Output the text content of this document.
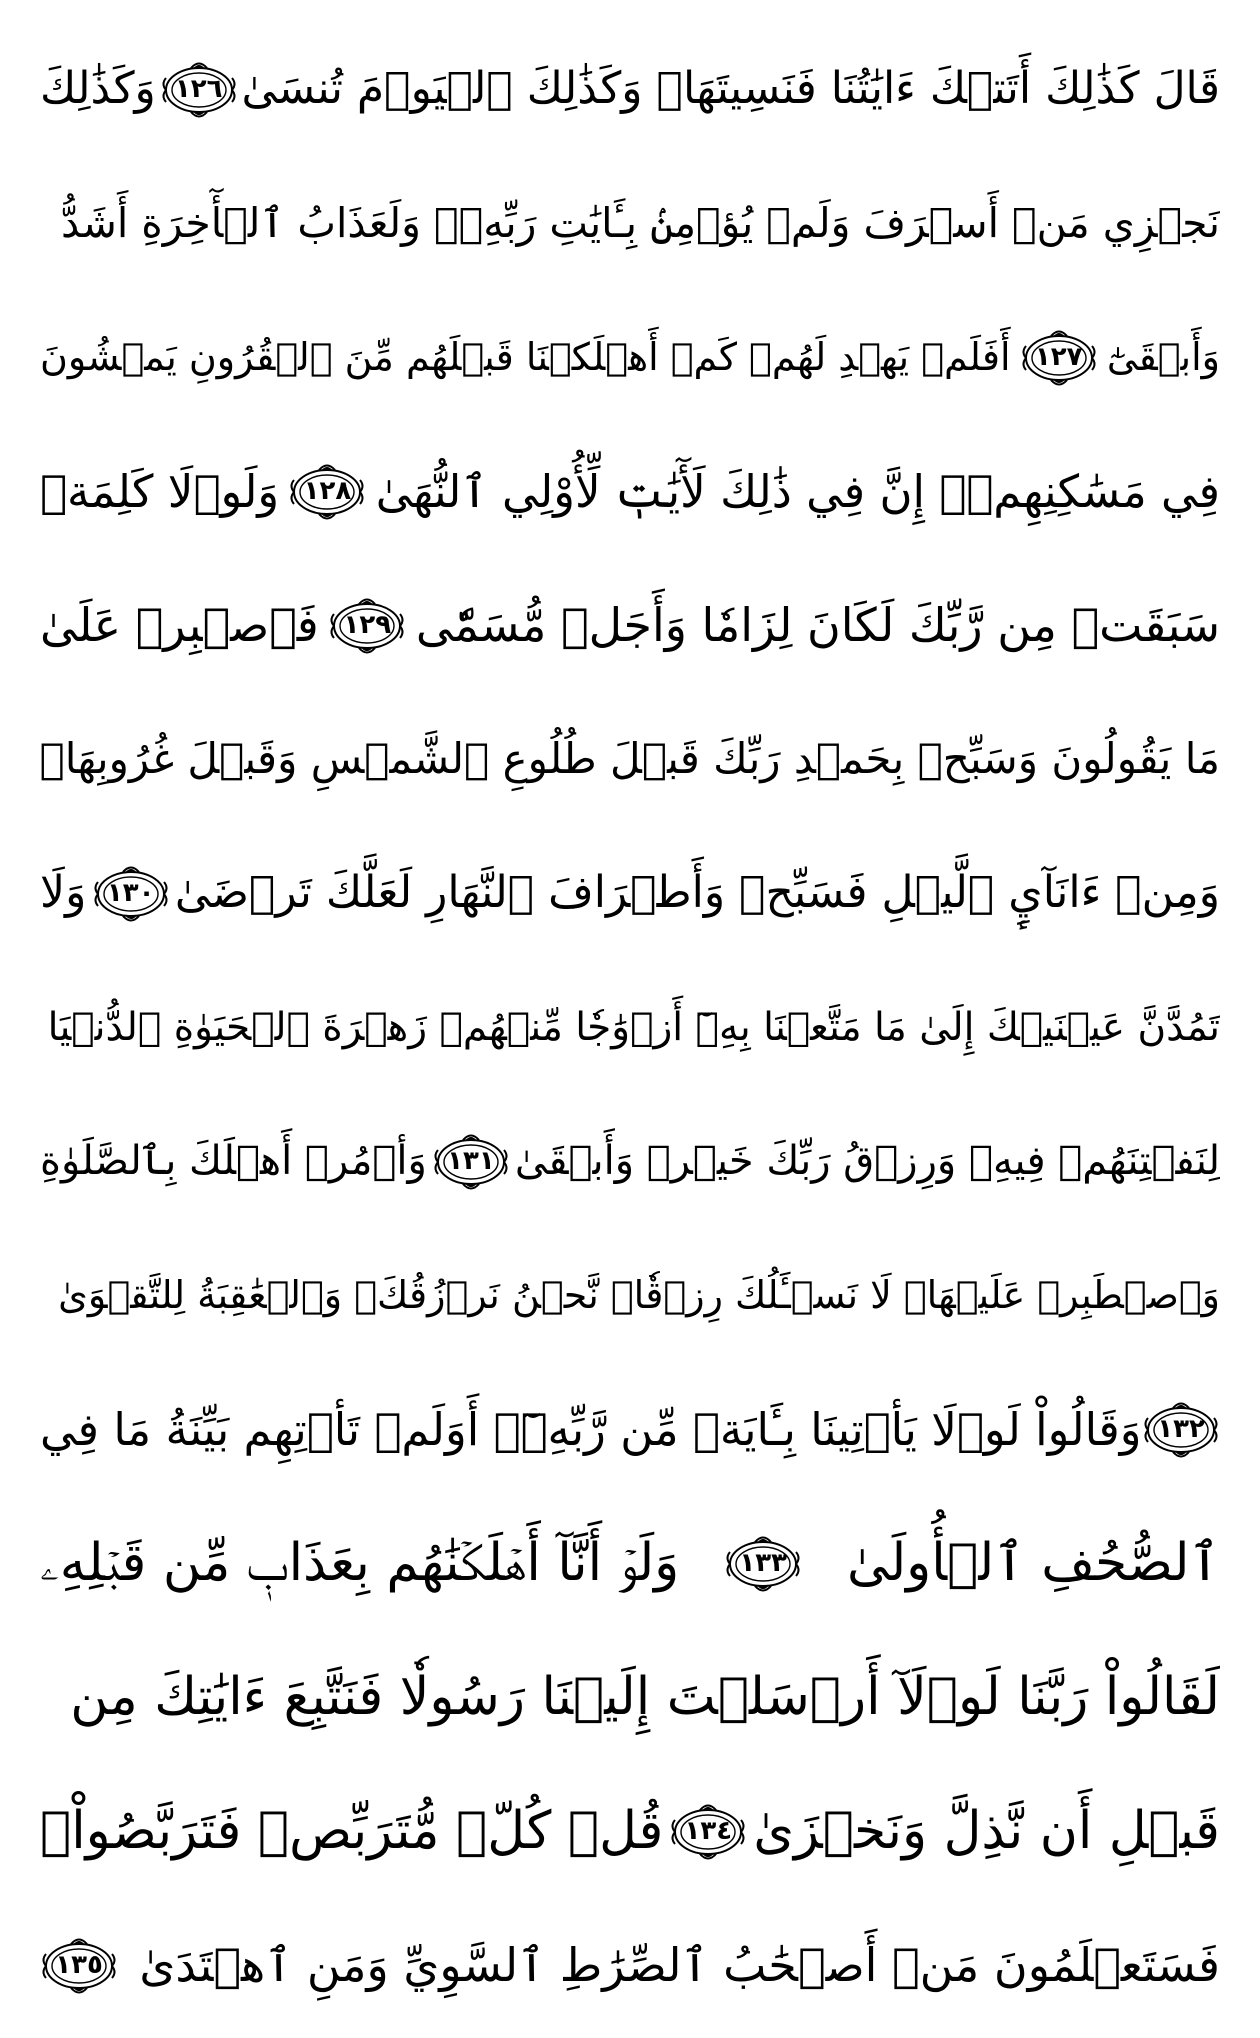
قَالَ كَذَٰلِكَ أَتَتۡكَ ءَايَٰتُنَا فَنَسِيتَهَاۖ وَكَذَٰلِكَ ٱلۡيَوۡمَ تُنسَىٰ
١٢٦
وَكَذَٰلِكَ
نَجۡزِي مَنۡ أَسۡرَفَ وَلَمۡ يُؤۡمِنۢ بِـَٔايَٰتِ رَبِّهِۦۚ وَلَعَذَابُ ٱلۡأٓخِرَةِ أَشَدُّ
وَأَبۡقَىٰٓ
١٢٧
أَفَلَمۡ يَهۡدِ لَهُمۡ كَمۡ أَهۡلَكۡنَا قَبۡلَهُم مِّنَ ٱلۡقُرُونِ يَمۡشُونَ
فِي مَسَٰكِنِهِمۡۚ إِنَّ فِي ذَٰلِكَ لَأٓيَٰتٖ لِّأُوْلِي ٱلنُّهَىٰ
١٢٨
وَلَوۡلَا كَلِمَةٞ
سَبَقَتۡ مِن رَّبِّكَ لَكَانَ لِزَامٗا وَأَجَلٞ مُّسَمّٗى
١٢٩
فَٱصۡبِرۡ عَلَىٰ
مَا يَقُولُونَ وَسَبِّحۡ بِحَمۡدِ رَبِّكَ قَبۡلَ طُلُوعِ ٱلشَّمۡسِ وَقَبۡلَ غُرُوبِهَاۖ
وَمِنۡ ءَانَآيِٕ ٱلَّيۡلِ فَسَبِّحۡ وَأَطۡرَافَ ٱلنَّهَارِ لَعَلَّكَ تَرۡضَىٰ
١٣٠
وَلَا
تَمُدَّنَّ عَيۡنَيۡكَ إِلَىٰ مَا مَتَّعۡنَا بِهِۦٓ أَزۡوَٰجٗا مِّنۡهُمۡ زَهۡرَةَ ٱلۡحَيَوٰةِ ٱلدُّنۡيَا
لِنَفۡتِنَهُمۡ فِيهِۚ وَرِزۡقُ رَبِّكَ خَيۡرٞ وَأَبۡقَىٰ
١٣١
وَأۡمُرۡ أَهۡلَكَ بِٱلصَّلَوٰةِ
وَٱصۡطَبِرۡ عَلَيۡهَاۖ لَا نَسۡـَٔلُكَ رِزۡقٗاۖ نَّحۡنُ نَرۡزُقُكَۗ وَٱلۡعَٰقِبَةُ لِلتَّقۡوَىٰ
١٣٢
وَقَالُواْ لَوۡلَا يَأۡتِينَا بِـَٔايَةٖ مِّن رَّبِّهِۦٓۚ أَوَلَمۡ تَأۡتِهِم بَيِّنَةُ مَا فِي
ٱلصُّحُفِ ٱلۡأُولَىٰ
١٣٣
وَلَوۡ أَنَّآ أَهۡلَكۡنَٰهُم بِعَذَابٖ مِّن قَبۡلِهِۦ
لَقَالُواْ رَبَّنَا لَوۡلَآ أَرۡسَلۡتَ إِلَيۡنَا رَسُولٗا فَنَتَّبِعَ ءَايَٰتِكَ مِن
قَبۡلِ أَن نَّذِلَّ وَنَخۡزَىٰ
١٣٤
قُلۡ كُلّٞ مُّتَرَبِّصٞ فَتَرَبَّصُواْۖ
فَسَتَعۡلَمُونَ مَنۡ أَصۡحَٰبُ ٱلصِّرَٰطِ ٱلسَّوِيِّ وَمَنِ ٱهۡتَدَىٰ
١٣٥
